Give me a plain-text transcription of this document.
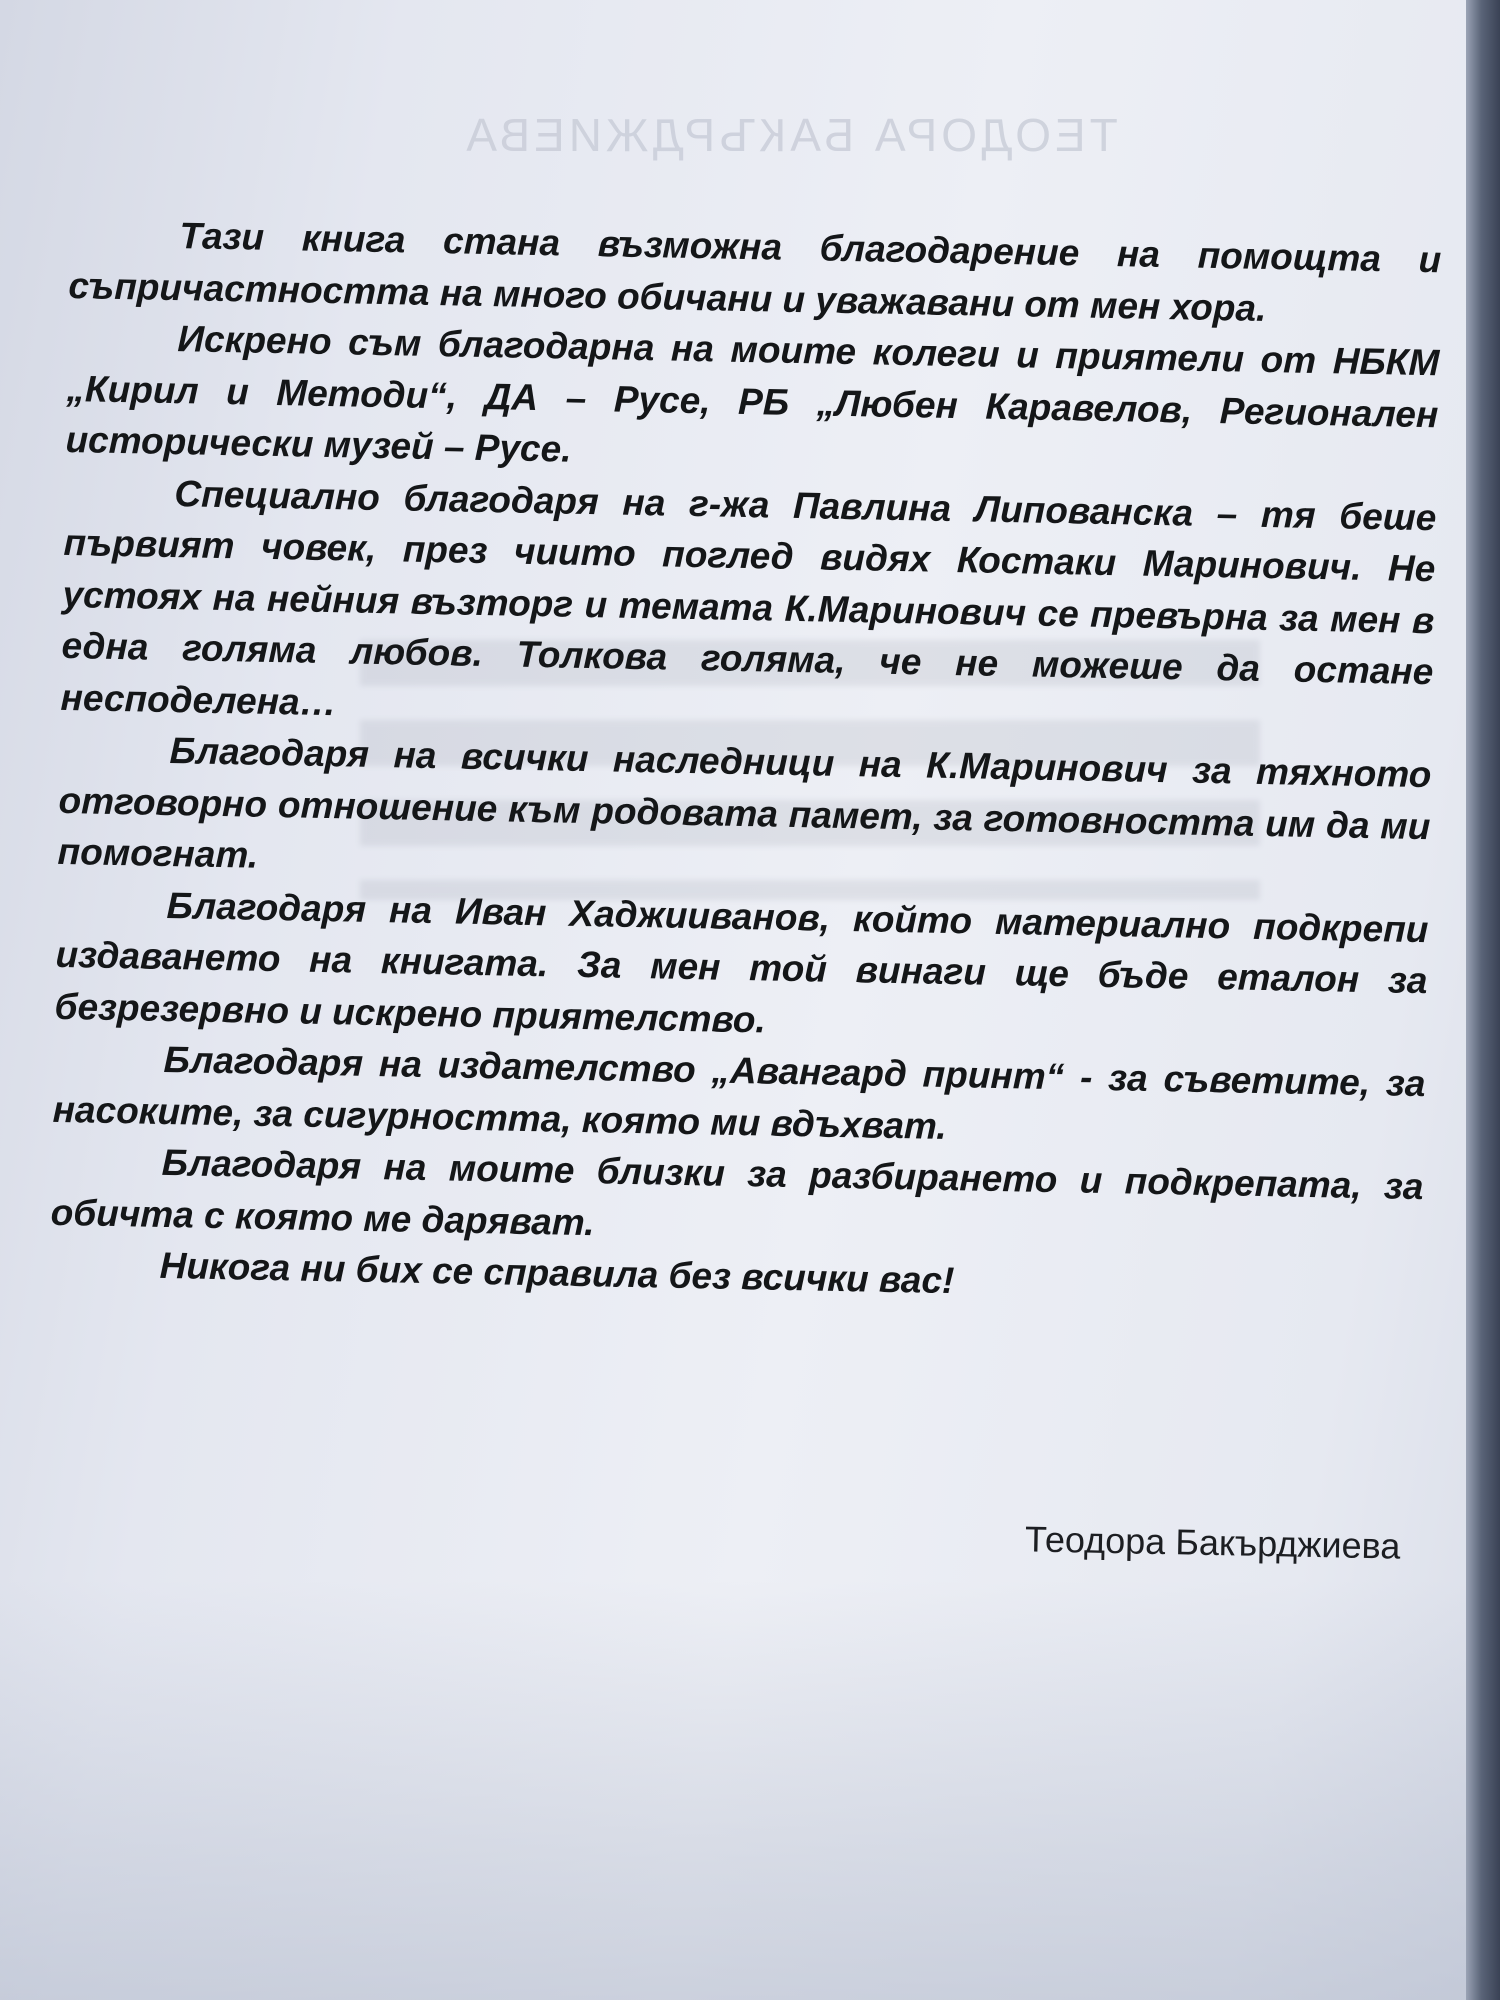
ТЕОДОРА БАКЪРДЖИЕВА

Тази книга стана възможна благодарение на помощта и съпричастността на много обичани и уважавани от мен хора.

Искрено съм благодарна на моите колеги и приятели от НБКМ „Кирил и Методи“, ДА – Русе, РБ „Любен Каравелов, Регионален исторически музей – Русе.

Специално благодаря на г-жа Павлина Липованска – тя беше първият човек, през чиито поглед видях Костаки Маринович. Не устоях на нейния възторг и темата К.Маринович се превърна за мен в една голяма любов. Толкова голяма, че не можеше да остане несподелена…

Благодаря на всички наследници на К.Маринович за тяхното отговорно отношение към родовата памет, за готовността им да ми помогнат.

Благодаря на Иван Хаджииванов, който материално подкрепи издаването на книгата. За мен той винаги ще бъде еталон за безрезервно и искрено приятелство.

Благодаря на издателство „Авангард принт“ - за съветите, за насоките, за сигурността, която ми вдъхват.

Благодаря на моите близки за разбирането и подкрепата, за обичта с която ме даряват.

Никога ни бих се справила без всички вас!

Теодора Бакърджиева
